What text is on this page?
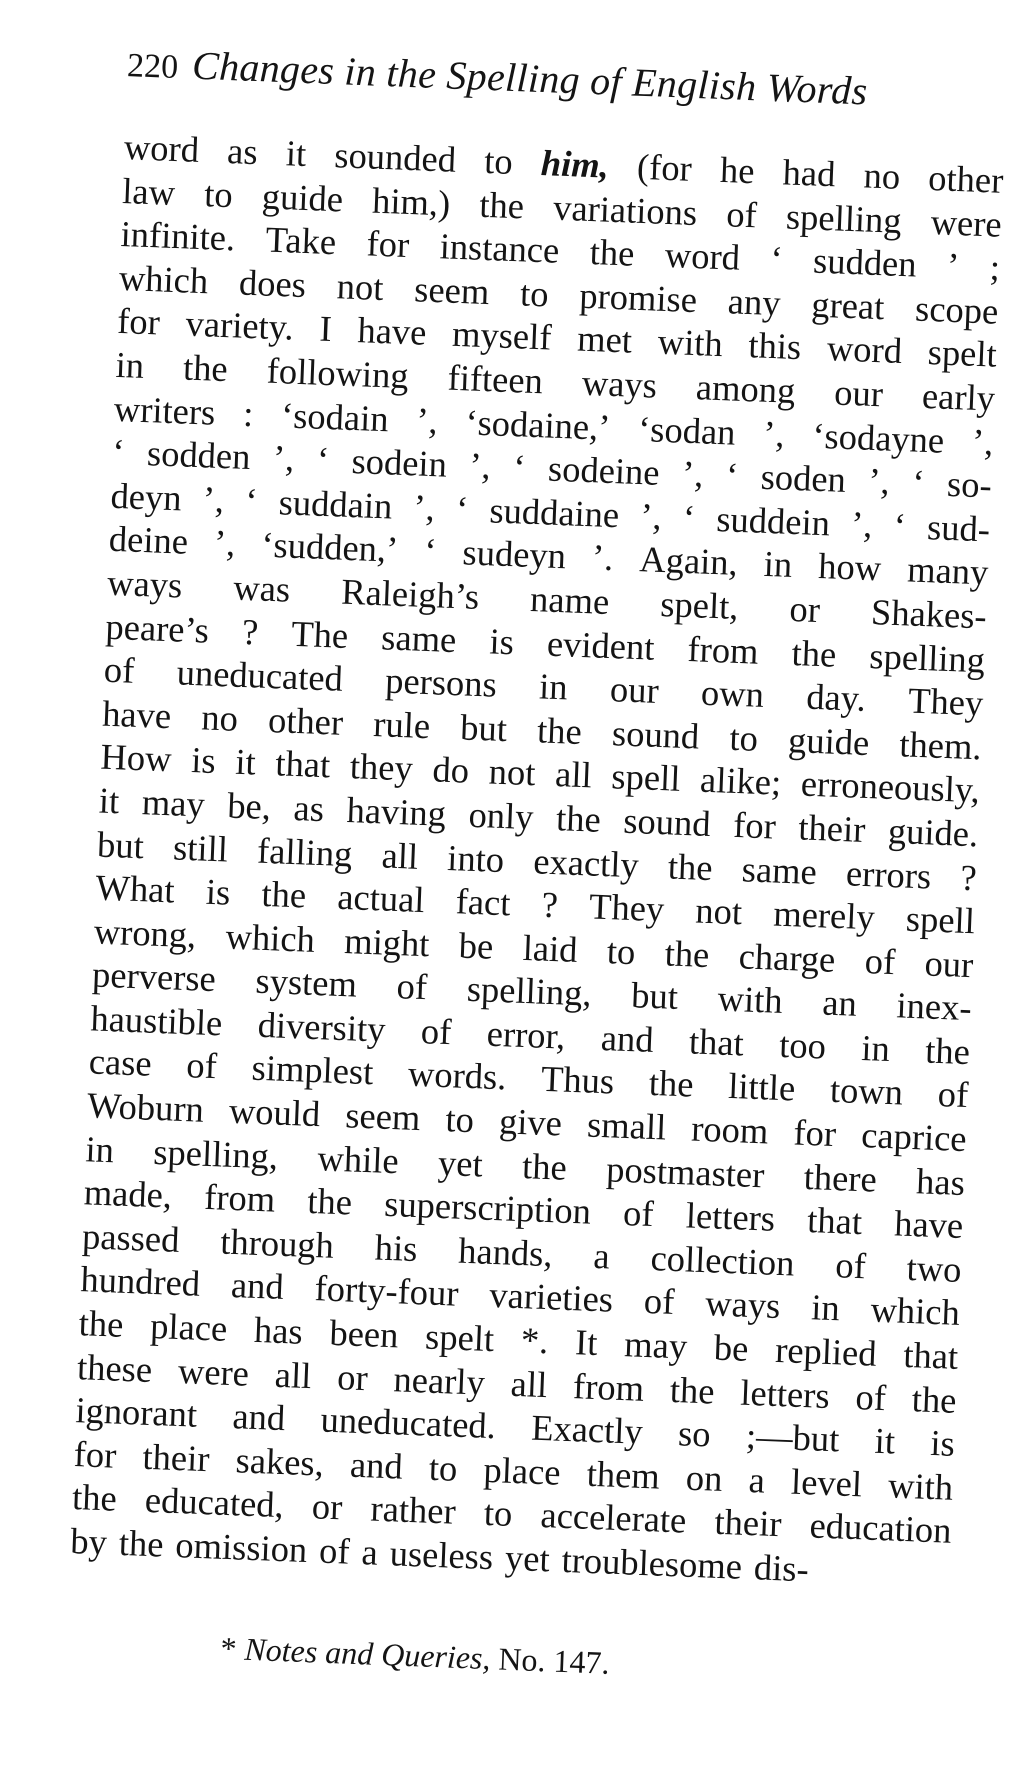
220 Changes in the Spelling of English Words
word as it sounded to him, (for he had no other
law to guide him,) the variations of spelling were
infinite. Take for instance the word ‘ sudden ’ ;
which does not seem to promise any great scope
for variety. I have myself met with this word spelt
in the following fifteen ways among our early
writers : ‘sodain ’, ‘sodaine,’ ‘sodan ’, ‘sodayne ’,
‘ sodden ’, ‘ sodein ’, ‘ sodeine ’, ‘ soden ’, ‘ so-
deyn ’, ‘ suddain ’, ‘ suddaine ’, ‘ suddein ’, ‘ sud-
deine ’, ‘sudden,’ ‘ sudeyn ’. Again, in how many
ways was Raleigh’s name spelt, or Shakes-
peare’s ? The same is evident from the spelling
of uneducated persons in our own day. They
have no other rule but the sound to guide them.
How is it that they do not all spell alike; erroneously,
it may be, as having only the sound for their guide.
but still falling all into exactly the same errors ?
What is the actual fact ? They not merely spell
wrong, which might be laid to the charge of our
perverse system of spelling, but with an inex-
haustible diversity of error, and that too in the
case of simplest words. Thus the little town of
Woburn would seem to give small room for caprice
in spelling, while yet the postmaster there has
made, from the superscription of letters that have
passed through his hands, a collection of two
hundred and forty-four varieties of ways in which
the place has been spelt *. It may be replied that
these were all or nearly all from the letters of the
ignorant and uneducated. Exactly so ;—but it is
for their sakes, and to place them on a level with
the educated, or rather to accelerate their education
by the omission of a useless yet troublesome dis-
* Notes and Queries, No. 147.
